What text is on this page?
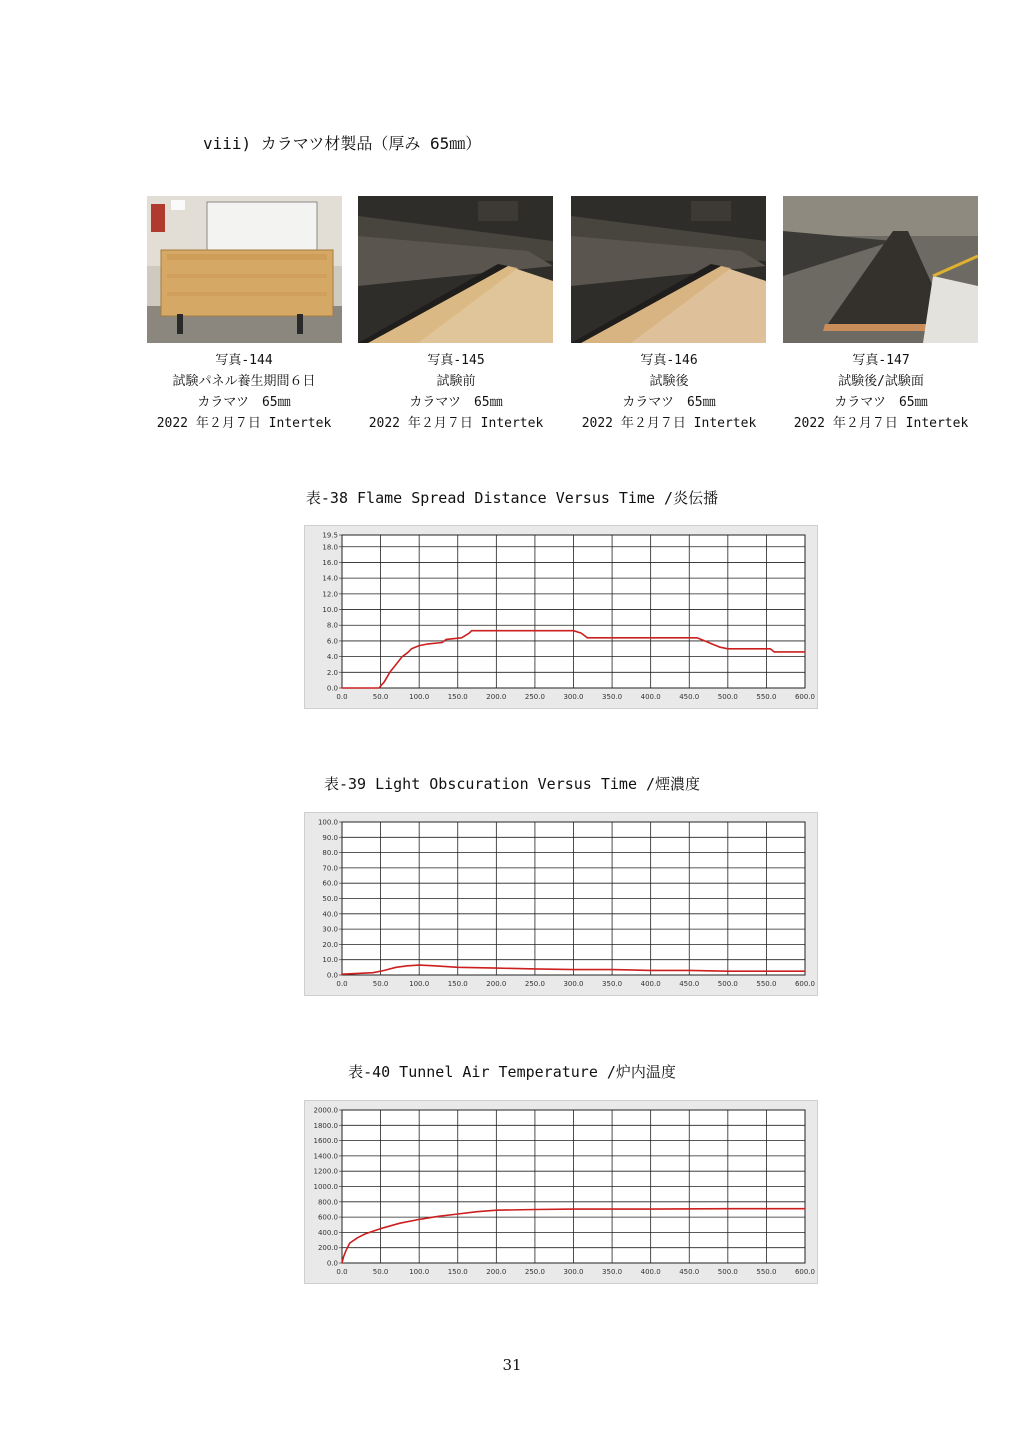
viii) カラマツ材製品（厚み 65㎜）
写真-144
試験パネル養生期間６日
カラマツ　65㎜
2022 年２月７日 Intertek
写真-145
試験前
カラマツ　65㎜
2022 年２月７日 Intertek
写真-146
試験後
カラマツ　65㎜
2022 年２月７日 Intertek
写真-147
試験後/試験面
カラマツ　65㎜
2022 年２月７日 Intertek
表-38 Flame Spread Distance Versus Time /炎伝播
0.0	50.0	100.0	150.0	200.0	250.0	300.0	350.0	400.0	450.0	500.0	550.0	600.0
0.0
2.0
4.0
6.0
8.0
10.0
12.0
14.0
16.0
18.0
19.5
表-39 Light Obscuration Versus Time /煙濃度
0.0	50.0	100.0	150.0	200.0	250.0	300.0	350.0	400.0	450.0	500.0	550.0	600.0
0.0
10.0
20.0
30.0
40.0
50.0
60.0
70.0
80.0
90.0
100.0
表-40 Tunnel Air Temperature /炉内温度
0.0	50.0	100.0	150.0	200.0	250.0	300.0	350.0	400.0	450.0	500.0	550.0	600.0
0.0
200.0
400.0
600.0
800.0
1000.0
1200.0
1400.0
1600.0
1800.0
2000.0
31
